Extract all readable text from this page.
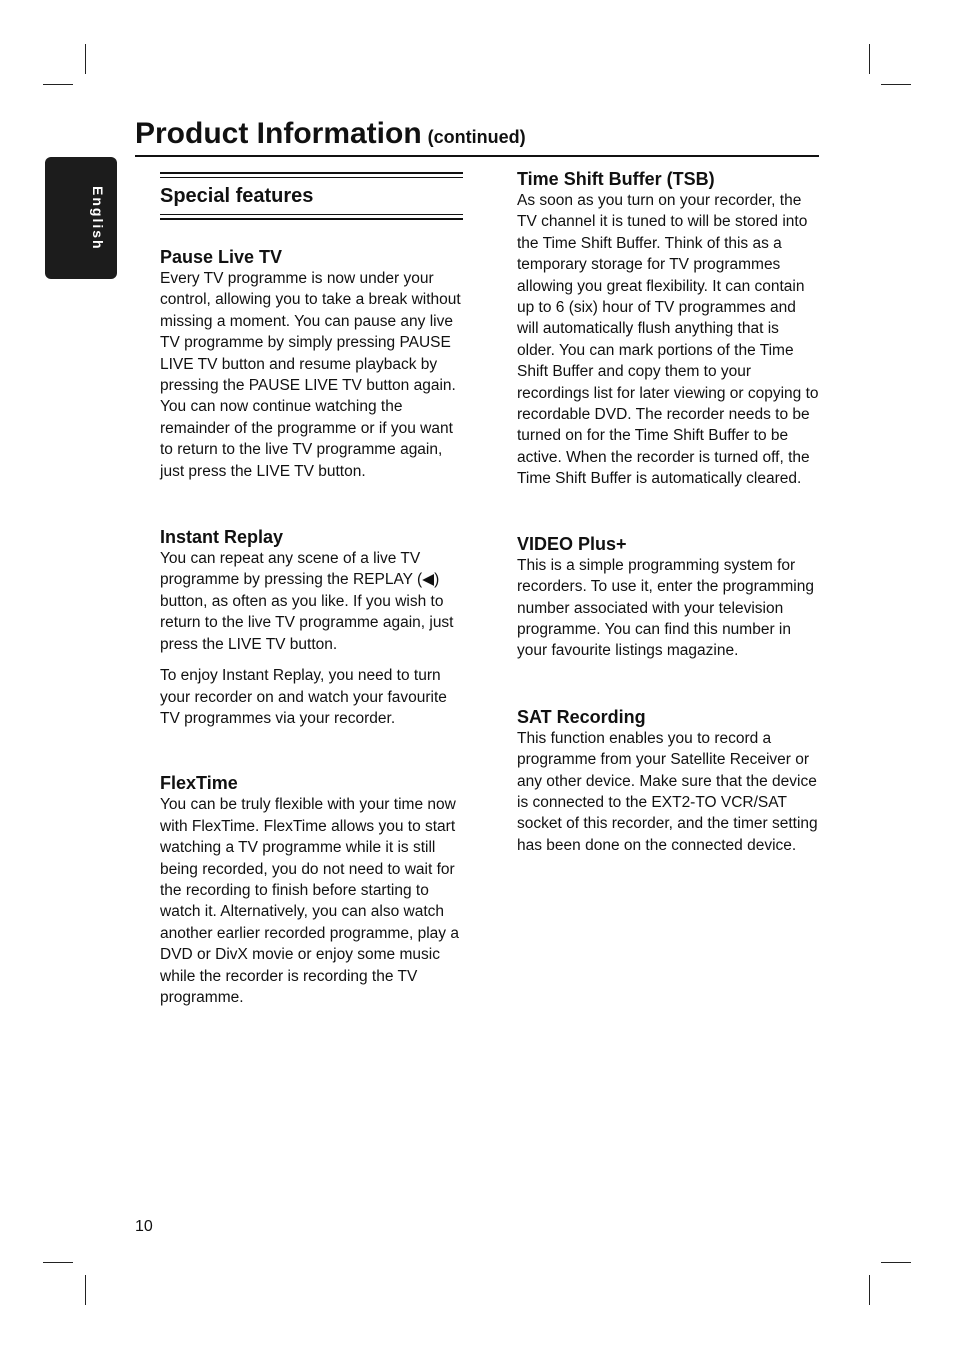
English
Product Information (continued)
Special features
Pause Live TV

Every TV programme is now under your control, allowing you to take a break without missing a moment. You can pause any live TV programme by simply pressing PAUSE LIVE TV button and resume playback by pressing the PAUSE LIVE TV button again. You can now continue watching the remainder of the programme or if you want to return to the live TV programme again, just press the LIVE TV button.

Instant Replay

You can repeat any scene of a live TV programme by pressing the REPLAY (◀) button, as often as you like. If you wish to return to the live TV programme again, just press the LIVE TV button.

To enjoy Instant Replay, you need to turn your recorder on and watch your favourite TV programmes via your recorder.

FlexTime

You can be truly flexible with your time now with FlexTime. FlexTime allows you to start watching a TV programme while it is still being recorded, you do not need to wait for the recording to finish before starting to watch it. Alternatively, you can also watch another earlier recorded programme, play a DVD or DivX movie or enjoy some music while the recorder is recording the TV programme.

Time Shift Buffer (TSB)

As soon as you turn on your recorder, the TV channel it is tuned to will be stored into the Time Shift Buffer. Think of this as a temporary storage for TV programmes allowing you great flexibility. It can contain up to 6 (six) hour of TV programmes and will automatically flush anything that is older. You can mark portions of the Time Shift Buffer and copy them to your recordings list for later viewing or copying to recordable DVD. The recorder needs to be turned on for the Time Shift Buffer to be active. When the recorder is turned off, the Time Shift Buffer is automatically cleared.

VIDEO Plus+

This is a simple programming system for recorders. To use it, enter the programming number associated with your television programme. You can find this number in your favourite listings magazine.

SAT Recording

This function enables you to record a programme from your Satellite Receiver or any other device. Make sure that the device is connected to the EXT2-TO VCR/SAT socket of this recorder, and the timer setting has been done on the connected device.

10
